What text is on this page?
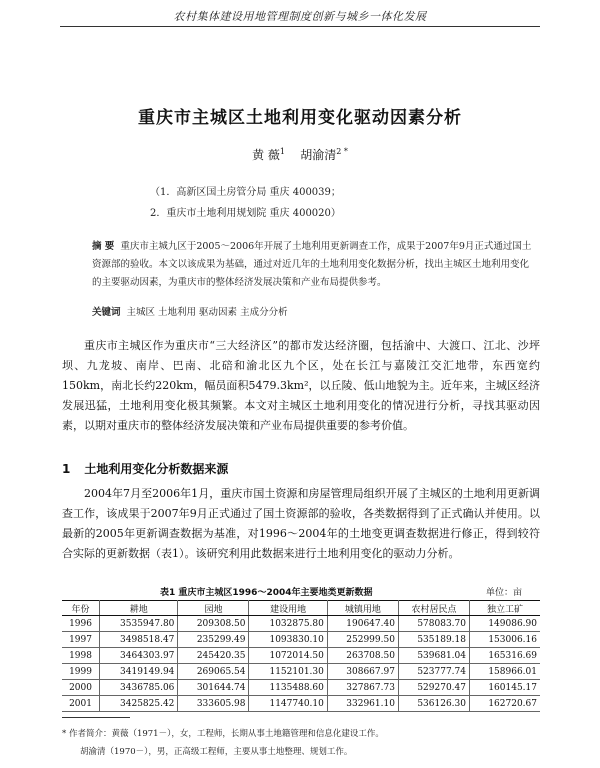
农村集体建设用地管理制度创新与城乡一体化发展
重庆市主城区土地利用变化驱动因素分析
黄 薇$^1$ 胡渝清$^{2 *}$
（1．高新区国土房管分局 重庆 400039；
2．重庆市土地利用规划院 重庆 400020）
摘 要 重庆市主城九区于2005～2006年开展了土地利用更新调查工作，成果于2007年9月正式通过国土资源部的验收。本文以该成果为基础，通过对近几年的土地利用变化数据分析，找出主城区土地利用变化的主要驱动因素，为重庆市的整体经济发展决策和产业布局提供参考。
关键词 主城区 土地利用 驱动因素 主成分分析
重庆市主城区作为重庆市“三大经济区”的都市发达经济圈，包括渝中、大渡口、江北、沙坪坝、九龙坡、南岸、巴南、北碚和渝北区九个区，处在长江与嘉陵江交汇地带，东西宽约150km，南北长约220km，幅员面积5479.3km²，以丘陵、低山地貌为主。近年来，主城区经济发展迅猛，土地利用变化极其频繁。本文对主城区土地利用变化的情况进行分析，寻找其驱动因素，以期对重庆市的整体经济发展决策和产业布局提供重要的参考价值。
1 土地利用变化分析数据来源
2004年7月至2006年1月，重庆市国土资源和房屋管理局组织开展了主城区的土地利用更新调查工作，该成果于2007年9月正式通过了国土资源部的验收，各类数据得到了正式确认并使用。以最新的2005年更新调查数据为基准，对1996～2004年的土地变更调查数据进行修正，得到较符合实际的更新数据（表1）。该研究利用此数据来进行土地利用变化的驱动力分析。
表1 重庆市主城区1996～2004年主要地类更新数据	单位：亩
年份	耕地	园地	建设用地	城镇用地	农村居民点	独立工矿
1996	3535947.80	209308.50	1032875.80	190647.40	578083.70	149086.90
1997	3498518.47	235299.49	1093830.10	252999.50	535189.18	153006.16
1998	3464303.97	245420.35	1072014.50	263708.50	539681.04	165316.69
1999	3419149.94	269065.54	1152101.30	308667.97	523777.74	158966.01
2000	3436785.06	301644.74	1135488.60	327867.73	529270.47	160145.17
2001	3425825.42	333605.98	1147740.10	332961.10	536126.30	162720.67
* 作者简介：黄薇（1971－），女，工程师，长期从事土地籍管理和信息化建设工作。
胡渝清（1970－），男，正高级工程师，主要从事土地整理、规划工作。
